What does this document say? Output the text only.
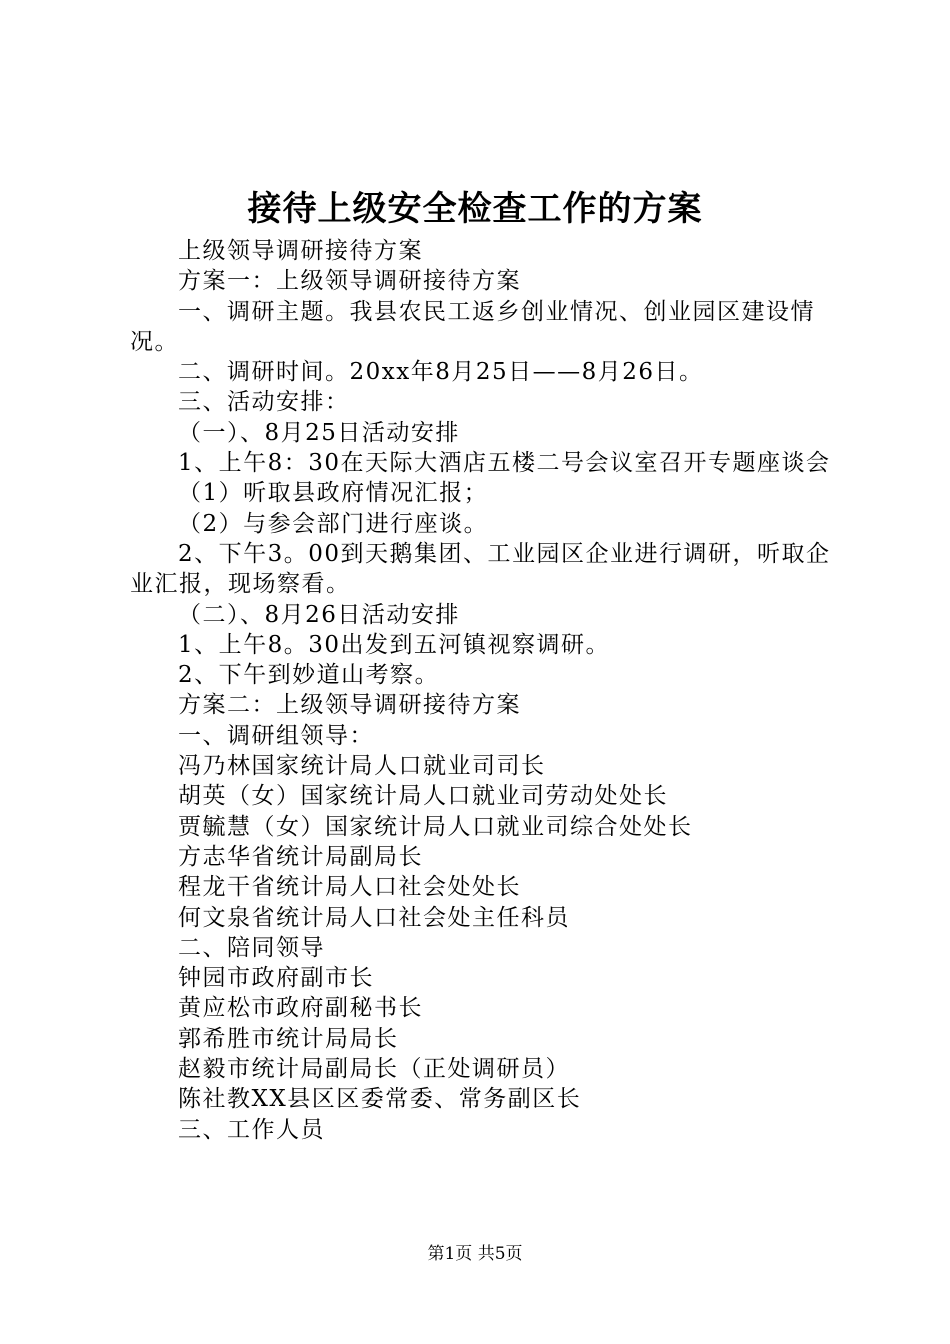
接待上级安全检查工作的方案

上级领导调研接待方案

方案一：上级领导调研接待方案

一、调研主题。我县农民工返乡创业情况、创业园区建设情况。

二、调研时间。20xx年8月25日——8月26日。

三、活动安排：

（一）、8月25日活动安排

1、上午8：30在天际大酒店五楼二号会议室召开专题座谈会

（1）听取县政府情况汇报；

（2）与参会部门进行座谈。

2、下午3。00到天鹅集团、工业园区企业进行调研，听取企业汇报，现场察看。

（二）、8月26日活动安排

1、上午8。30出发到五河镇视察调研。

2、下午到妙道山考察。

方案二：上级领导调研接待方案

一、调研组领导：

冯乃林国家统计局人口就业司司长

胡英（女）国家统计局人口就业司劳动处处长

贾毓慧（女）国家统计局人口就业司综合处处长

方志华省统计局副局长

程龙干省统计局人口社会处处长

何文泉省统计局人口社会处主任科员

二、陪同领导

钟园市政府副市长

黄应松市政府副秘书长

郭希胜市统计局局长

赵毅市统计局副局长（正处调研员）

陈社教XX县区区委常委、常务副区长

三、工作人员

第1页 共5页
